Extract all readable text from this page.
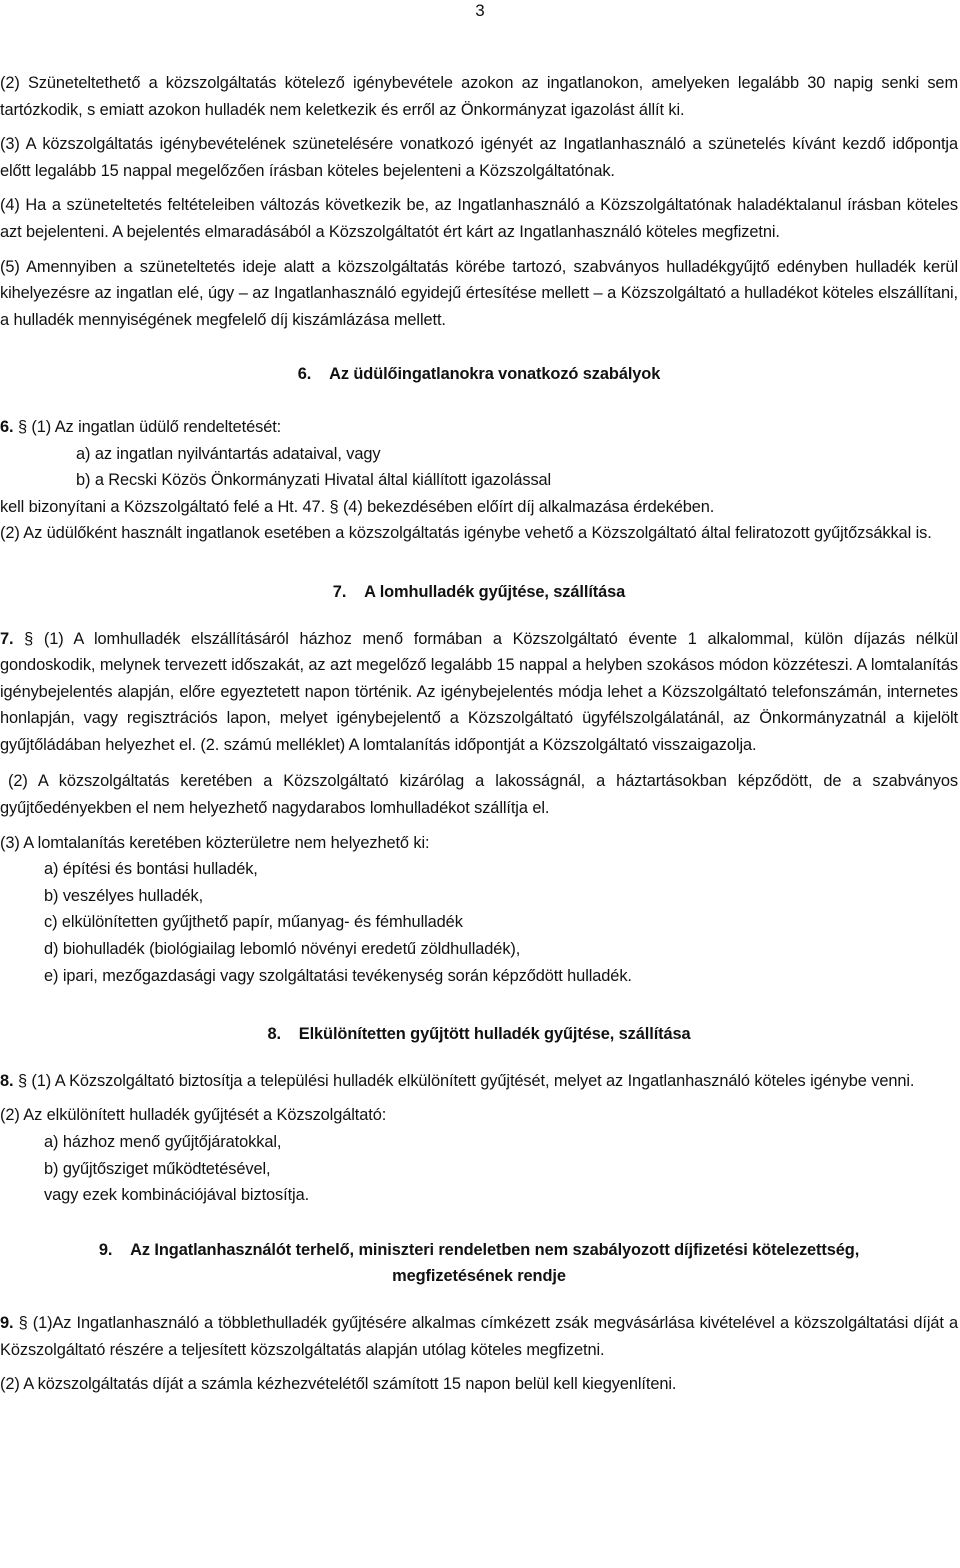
3

(2) Szüneteltethető a közszolgáltatás kötelező igénybevétele azokon az ingatlanokon, amelyeken legalább 30 napig senki sem tartózkodik, s emiatt azokon hulladék nem keletkezik és erről az Önkormányzat igazolást állít ki.

(3) A közszolgáltatás igénybevételének szünetelésére vonatkozó igényét az Ingatlanhasználó a szünetelés kívánt kezdő időpontja előtt legalább 15 nappal megelőzően írásban köteles bejelenteni a Közszolgáltatónak.

(4) Ha a szüneteltetés feltételeiben változás következik be, az Ingatlanhasználó a Közszolgáltatónak haladéktalanul írásban köteles azt bejelenteni. A bejelentés elmaradásából a Közszolgáltatót ért kárt az Ingatlanhasználó köteles megfizetni.

(5) Amennyiben a szüneteltetés ideje alatt a közszolgáltatás körébe tartozó, szabványos hulladékgyűjtő edényben hulladék kerül kihelyezésre az ingatlan elé, úgy – az Ingatlanhasználó egyidejű értesítése mellett – a Közszolgáltató a hulladékot köteles elszállítani, a hulladék mennyiségének megfelelő díj kiszámlázása mellett.

6. Az üdülőingatlanokra vonatkozó szabályok

6. § (1) Az ingatlan üdülő rendeltetését:

a) az ingatlan nyilvántartás adataival, vagy

b) a Recski Közös Önkormányzati Hivatal által kiállított igazolással

kell bizonyítani a Közszolgáltató felé a Ht. 47. § (4) bekezdésében előírt díj alkalmazása érdekében.

(2) Az üdülőként használt ingatlanok esetében a közszolgáltatás igénybe vehető a Közszolgáltató által feliratozott gyűjtőzsákkal is.

7. A lomhulladék gyűjtése, szállítása

7. § (1) A lomhulladék elszállításáról házhoz menő formában a Közszolgáltató évente 1 alkalommal, külön díjazás nélkül gondoskodik, melynek tervezett időszakát, az azt megelőző legalább 15 nappal a helyben szokásos módon közzéteszi. A lomtalanítás igénybejelentés alapján, előre egyeztetett napon történik. Az igénybejelentés módja lehet a Közszolgáltató telefonszámán, internetes honlapján, vagy regisztrációs lapon, melyet igénybejelentő a Közszolgáltató ügyfélszolgálatánál, az Önkormányzatnál a kijelölt gyűjtőládában helyezhet el. (2. számú melléklet) A lomtalanítás időpontját a Közszolgáltató visszaigazolja.

(2) A közszolgáltatás keretében a Közszolgáltató kizárólag a lakosságnál, a háztartásokban képződött, de a szabványos gyűjtőedényekben el nem helyezhető nagydarabos lomhulladékot szállítja el.

(3) A lomtalanítás keretében közterületre nem helyezhető ki:

a) építési és bontási hulladék,

b) veszélyes hulladék,

c) elkülönítetten gyűjthető papír, műanyag- és fémhulladék

d) biohulladék (biológiailag lebomló növényi eredetű zöldhulladék),

e) ipari, mezőgazdasági vagy szolgáltatási tevékenység során képződött hulladék.

8. Elkülönítetten gyűjtött hulladék gyűjtése, szállítása

8. § (1) A Közszolgáltató biztosítja a települési hulladék elkülönített gyűjtését, melyet az Ingatlanhasználó köteles igénybe venni.

(2) Az elkülönített hulladék gyűjtését a Közszolgáltató:

a) házhoz menő gyűjtőjáratokkal,

b) gyűjtősziget működtetésével,

vagy ezek kombinációjával biztosítja.

9. Az Ingatlanhasználót terhelő, miniszteri rendeletben nem szabályozott díjfizetési kötelezettség,
megfizetésének rendje

9. § (1)Az Ingatlanhasználó a többlethulladék gyűjtésére alkalmas címkézett zsák megvásárlása kivételével a közszolgáltatási díját a Közszolgáltató részére a teljesített közszolgáltatás alapján utólag köteles megfizetni.

(2) A közszolgáltatás díját a számla kézhezvételétől számított 15 napon belül kell kiegyenlíteni.
